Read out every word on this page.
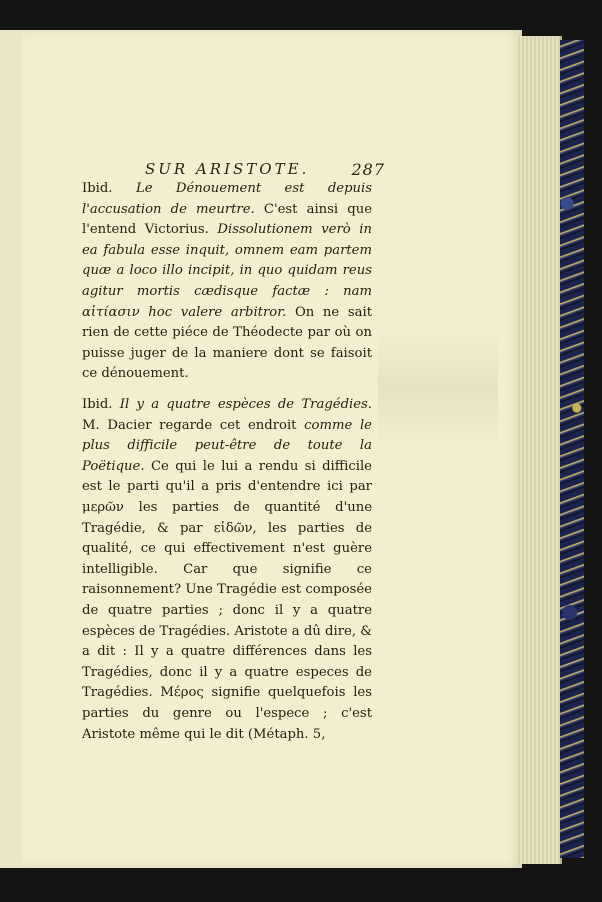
SUR ARISTOTE.	287

Ibid. Le Dénouement est depuis l'accusation de meurtre. C'est ainsi que l'entend Victorius. Dissolutionem verò in ea fabula esse inquit, omnem eam partem quæ a loco illo incipit, in quo quidam reus agitur mortis cædisque factæ : nam αἰτίασιν hoc valere arbitror. On ne sait rien de cette piéce de Théodecte par où on puisse juger de la maniere dont se faisoit ce dénouement.

Ibid. Il y a quatre espèces de Tragédies. M. Dacier regarde cet endroit comme le plus difficile peut-être de toute la Poëtique. Ce qui le lui a rendu si difficile est le parti qu'il a pris d'entendre ici par μερῶν les parties de quantité d'une Tragédie, & par εἰδῶν, les parties de qualité, ce qui effectivement n'est guère intelligible. Car que signifie ce raisonnement? Une Tragédie est composée de quatre parties ; donc il y a quatre espèces de Tragédies. Aristote a dû dire, & a dit : Il y a quatre différences dans les Tragédies, donc il y a quatre especes de Tragédies. Μέρος signifie quelquefois les parties du genre ou l'espece ; c'est Aristote même qui le dit (Métaph. 5,
